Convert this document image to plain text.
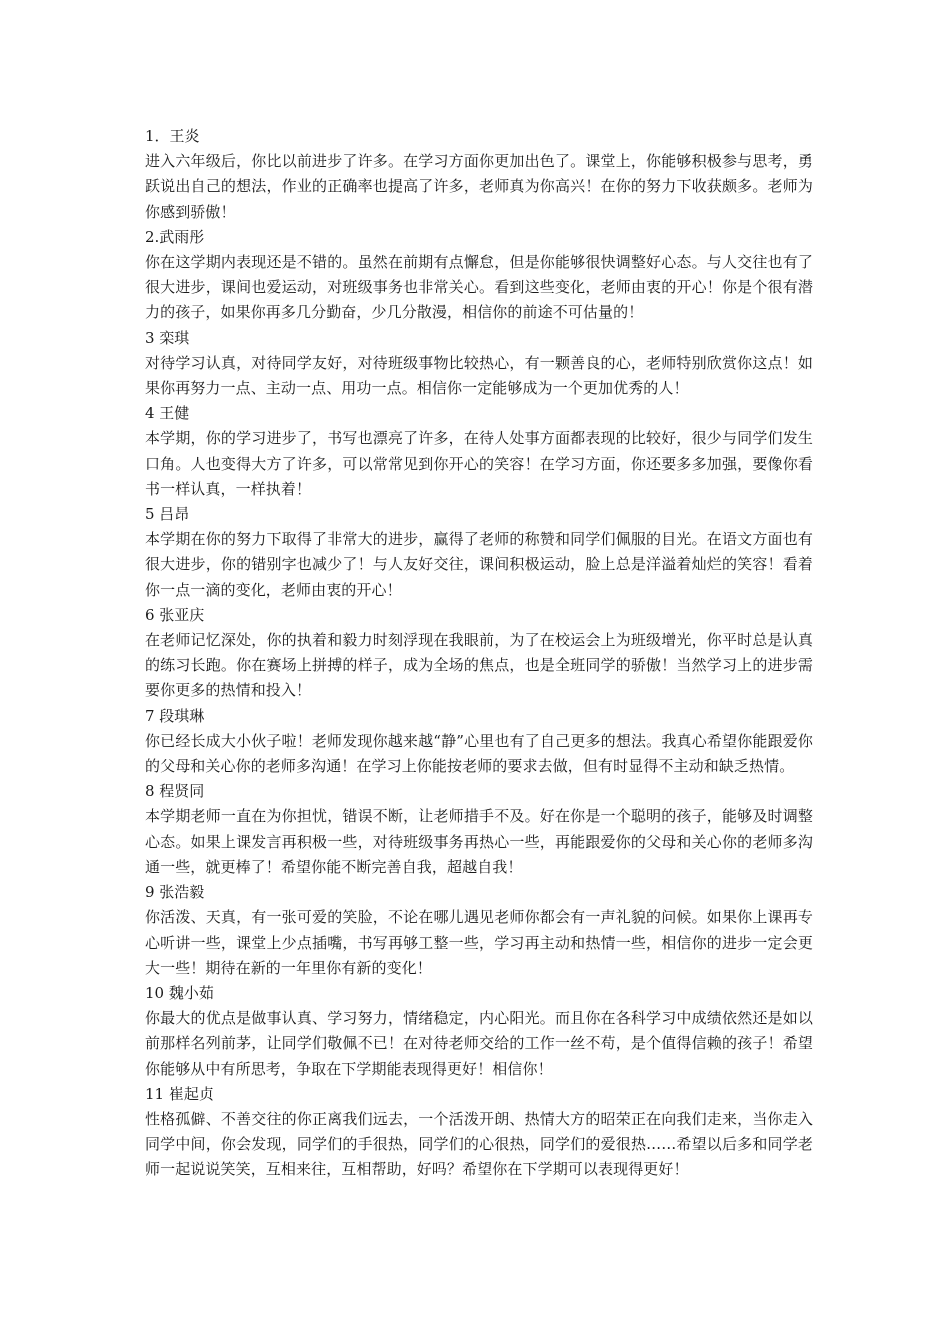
1．王炎

进入六年级后，你比以前进步了许多。在学习方面你更加出色了。课堂上，你能够积极参与思考，勇跃说出自己的想法，作业的正确率也提高了许多，老师真为你高兴！在你的努力下收获颇多。老师为你感到骄傲！

2.武雨彤

你在这学期内表现还是不错的。虽然在前期有点懈怠，但是你能够很快调整好心态。与人交往也有了很大进步，课间也爱运动，对班级事务也非常关心。看到这些变化，老师由衷的开心！你是个很有潜力的孩子，如果你再多几分勤奋，少几分散漫，相信你的前途不可估量的！

3 栾琪

对待学习认真，对待同学友好，对待班级事物比较热心，有一颗善良的心，老师特别欣赏你这点！如果你再努力一点、主动一点、用功一点。相信你一定能够成为一个更加优秀的人！

4 王健

本学期，你的学习进步了，书写也漂亮了许多，在待人处事方面都表现的比较好，很少与同学们发生口角。人也变得大方了许多，可以常常见到你开心的笑容！在学习方面，你还要多多加强，要像你看书一样认真，一样执着！

5 吕昂

本学期在你的努力下取得了非常大的进步，赢得了老师的称赞和同学们佩服的目光。在语文方面也有很大进步，你的错别字也减少了！与人友好交往，课间积极运动，脸上总是洋溢着灿烂的笑容！看着你一点一滴的变化，老师由衷的开心！

6 张亚庆

在老师记忆深处，你的执着和毅力时刻浮现在我眼前，为了在校运会上为班级增光，你平时总是认真的练习长跑。你在赛场上拼搏的样子，成为全场的焦点，也是全班同学的骄傲！当然学习上的进步需要你更多的热情和投入！

7 段琪琳

你已经长成大小伙子啦！老师发现你越来越“静”心里也有了自己更多的想法。我真心希望你能跟爱你的父母和关心你的老师多沟通！在学习上你能按老师的要求去做，但有时显得不主动和缺乏热情。

8 程贤同

本学期老师一直在为你担忧，错误不断，让老师措手不及。好在你是一个聪明的孩子，能够及时调整心态。如果上课发言再积极一些，对待班级事务再热心一些，再能跟爱你的父母和关心你的老师多沟通一些，就更棒了！希望你能不断完善自我，超越自我！

9 张浩毅

你活泼、天真，有一张可爱的笑脸，不论在哪儿遇见老师你都会有一声礼貌的问候。如果你上课再专心听讲一些，课堂上少点插嘴，书写再够工整一些，学习再主动和热情一些，相信你的进步一定会更大一些！期待在新的一年里你有新的变化！

10 魏小茹

你最大的优点是做事认真、学习努力，情绪稳定，内心阳光。而且你在各科学习中成绩依然还是如以前那样名列前茅，让同学们敬佩不已！在对待老师交给的工作一丝不苟，是个值得信赖的孩子！希望你能够从中有所思考，争取在下学期能表现得更好！相信你！

11 崔起贞

性格孤僻、不善交往的你正离我们远去，一个活泼开朗、热情大方的昭荣正在向我们走来，当你走入同学中间，你会发现，同学们的手很热，同学们的心很热，同学们的爱很热……希望以后多和同学老师一起说说笑笑，互相来往，互相帮助，好吗？希望你在下学期可以表现得更好！
